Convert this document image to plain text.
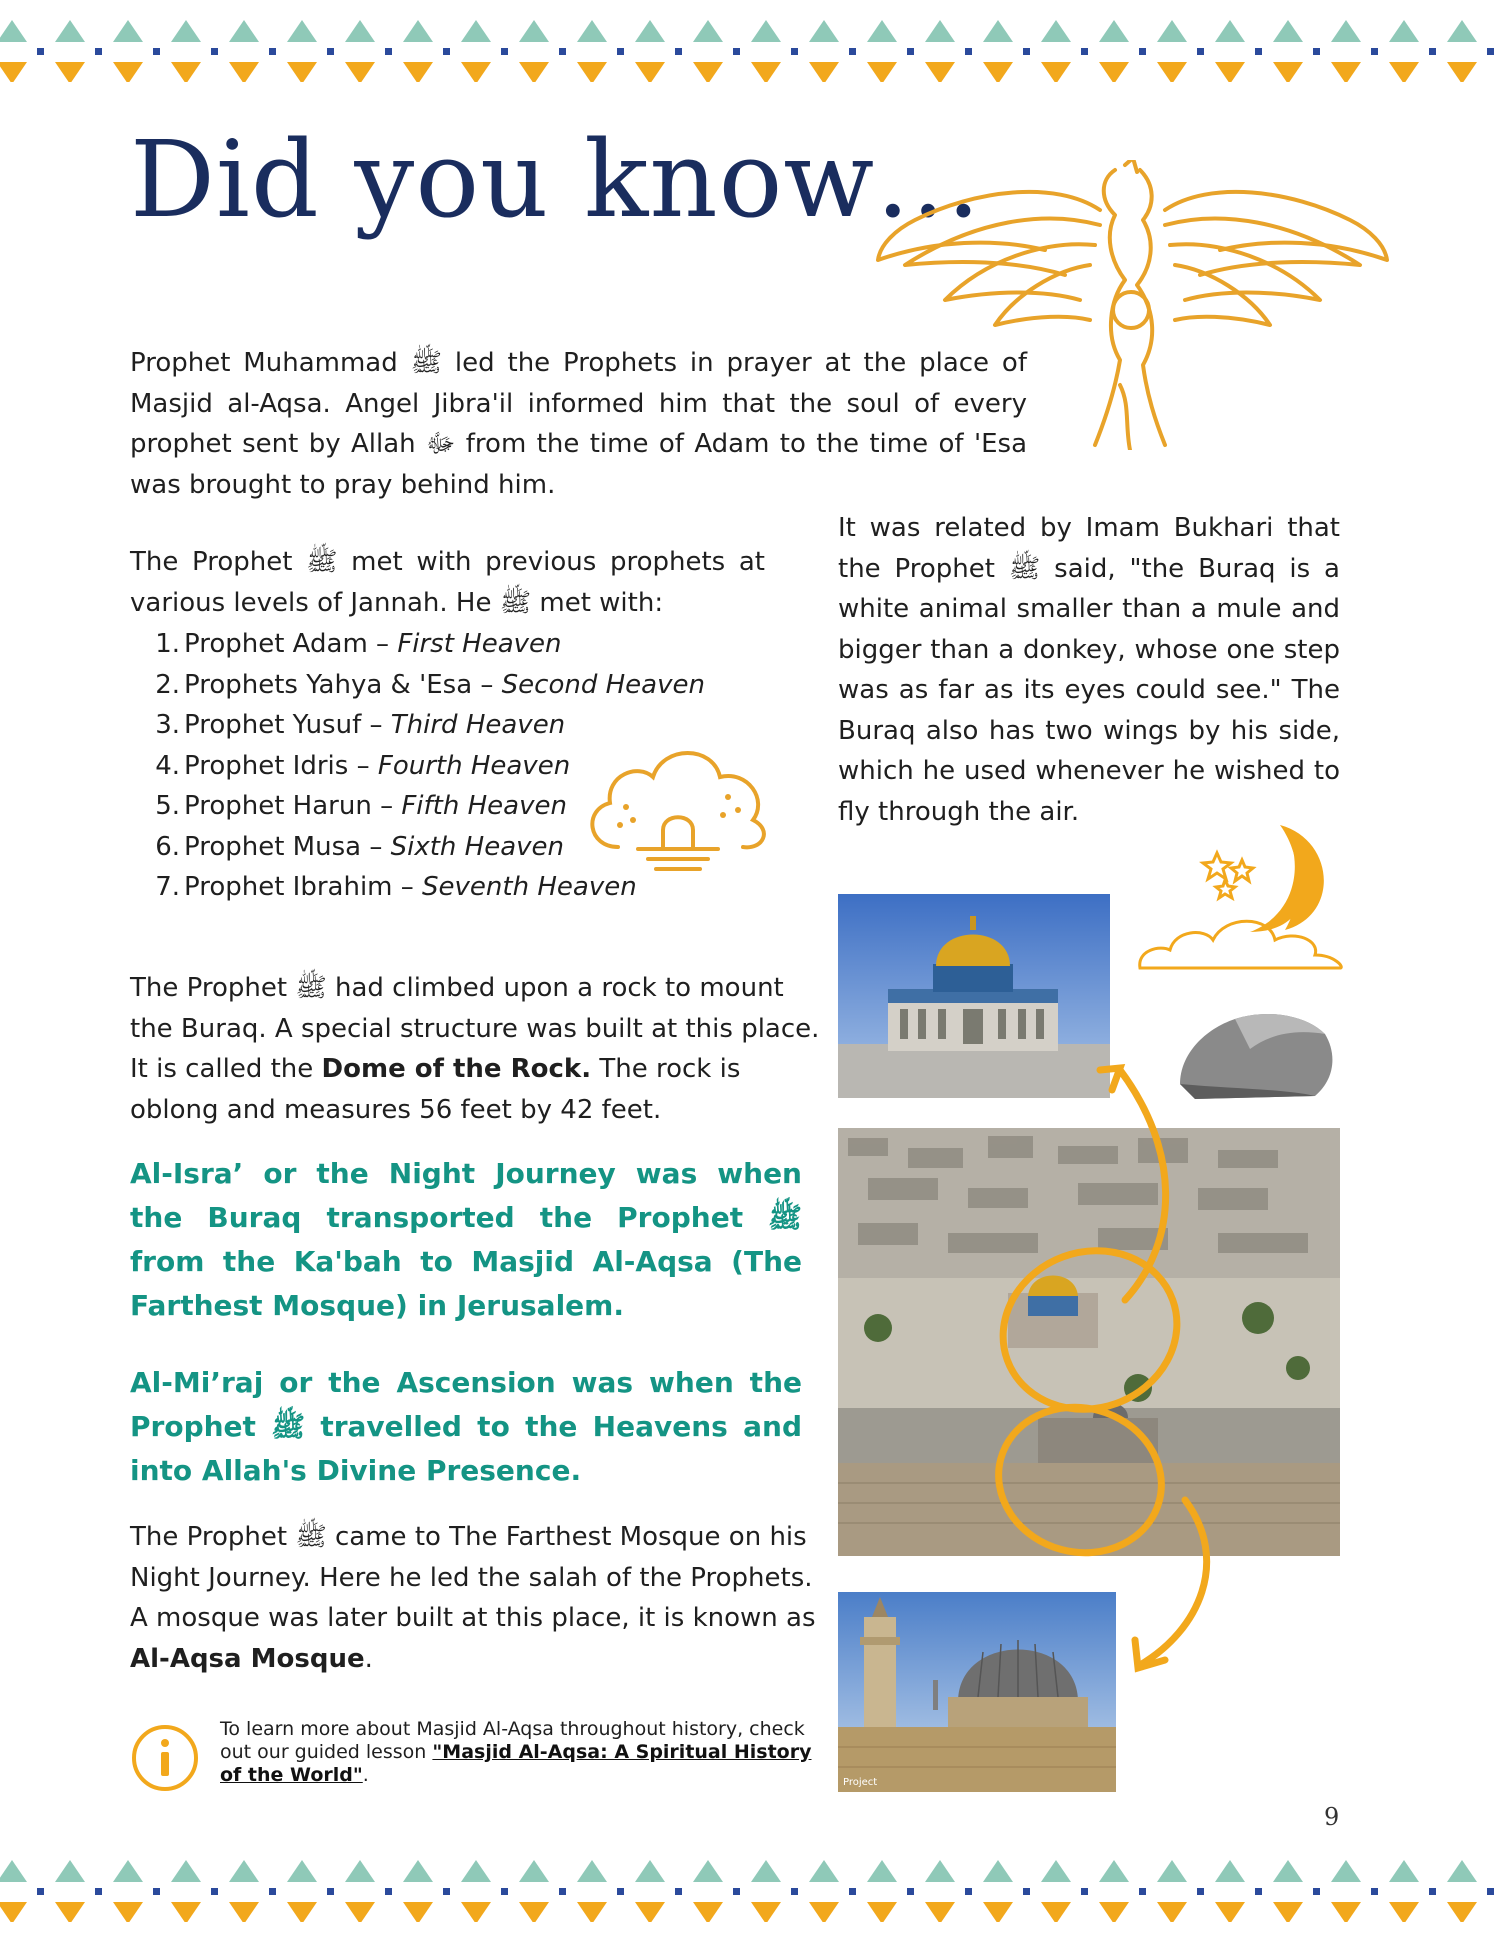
Did you know…

Prophet Muhammad ﷺ led the Prophets in prayer at the place of Masjid al-Aqsa. Angel Jibra'il informed him that the soul of every prophet sent by Allah ﷻ from the time of Adam to the time of 'Esa was brought to pray behind him.

The Prophet ﷺ met with previous prophets at various levels of Jannah. He ﷺ met with:

1. Prophet Adam – First Heaven
2. Prophets Yahya & 'Esa – Second Heaven
3. Prophet Yusuf – Third Heaven
4. Prophet Idris – Fourth Heaven
5. Prophet Harun – Fifth Heaven
6. Prophet Musa – Sixth Heaven
7. Prophet Ibrahim – Seventh Heaven

It was related by Imam Bukhari that the Prophet ﷺ said, "the Buraq is a white animal smaller than a mule and bigger than a donkey, whose one step was as far as its eyes could see." The Buraq also has two wings by his side, which he used whenever he wished to fly through the air.

Project

The Prophet ﷺ had climbed upon a rock to mount the Buraq. A special structure was built at this place. It is called the Dome of the Rock. The rock is oblong and measures 56 feet by 42 feet.

Al-Isra’ or the Night Journey was when the Buraq transported the Prophet ﷺ from the Ka'bah to Masjid Al-Aqsa (The Farthest Mosque) in Jerusalem.

Al-Mi’raj or the Ascension was when the Prophet ﷺ travelled to the Heavens and into Allah's Divine Presence.

The Prophet ﷺ came to The Farthest Mosque on his Night Journey. Here he led the salah of the Prophets. A mosque was later built at this place, it is known as Al-Aqsa Mosque.

To learn more about Masjid Al-Aqsa throughout history, check out our guided lesson "Masjid Al-Aqsa: A Spiritual History of the World".
9
